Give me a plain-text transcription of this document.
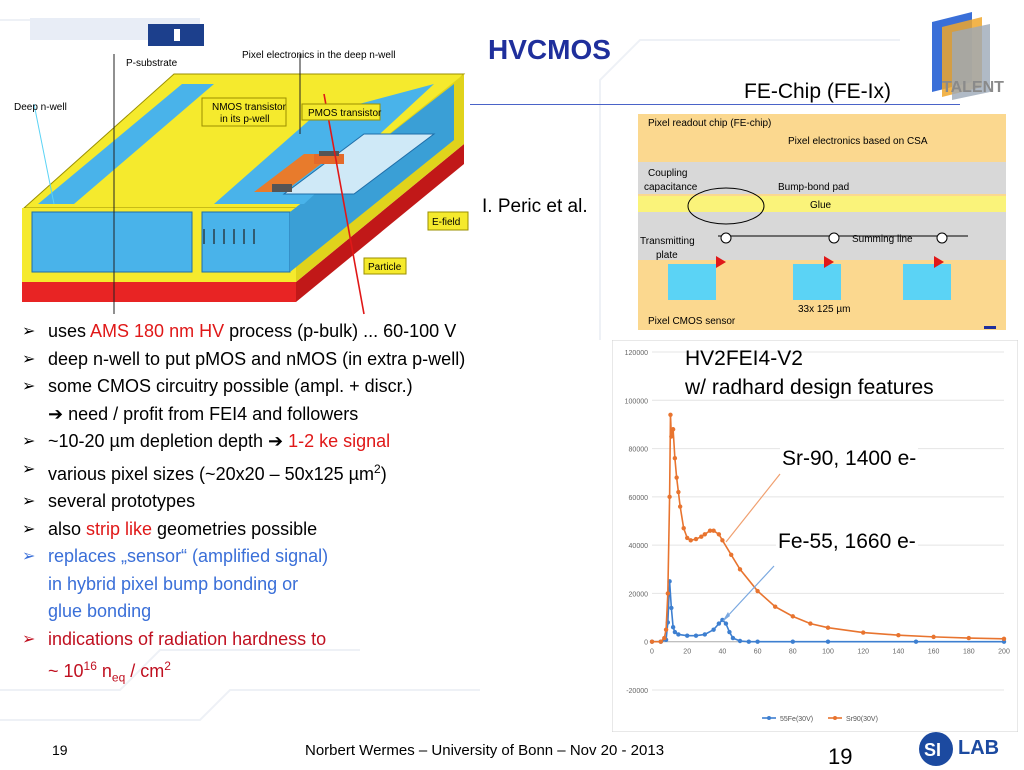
P-substrate
Pixel electronics in the deep n-well
Deep n-well	NMOS transistor
in its p-well
PMOS transistor
E-field
Particle
HVCMOS
FE-Chip (FE-Ix)
I. Peric et al.
TALENT
Pixel readout chip (FE-chip)
Pixel electronics based on CSA
Coupling
capacitance	Bump-bond pad
Glue
Transmitting
plate
Summing line
33x 125 µm
Pixel CMOS sensor
➢ uses AMS 180 nm HV process (p-bulk) ... 60-100 V
➢ deep n-well to put pMOS and nMOS (in extra p-well)
➢ some CMOS circuitry possible (ampl. + discr.)
➔ need / profit from FEI4 and followers
➢ ~10-20 µm depletion depth ➔ 1-2 ke signal
➢ various pixel sizes (~20x20 – 50x125 µm$^2$)
➢ several prototypes
➢ also strip like geometries possible
➢ replaces „sensor“ (amplified signal)
in hybrid pixel bump bonding or
glue bonding
➢ indications of radiation hardness to
~ $10^{16}$ $n_{eq} / cm^2$
-20000
0
20000
40000
60000
80000
100000
120000
0	20	40	60	80	100	120	140	160	180	200
55Fe(30V)	Sr90(30V)
HV2FEI4-V2
w/ radhard design features
Sr-90, 1400 e-
Fe-55, 1660 e-
19	Norbert Wermes – University of Bonn – Nov 20 - 2013	19	SI LAB
